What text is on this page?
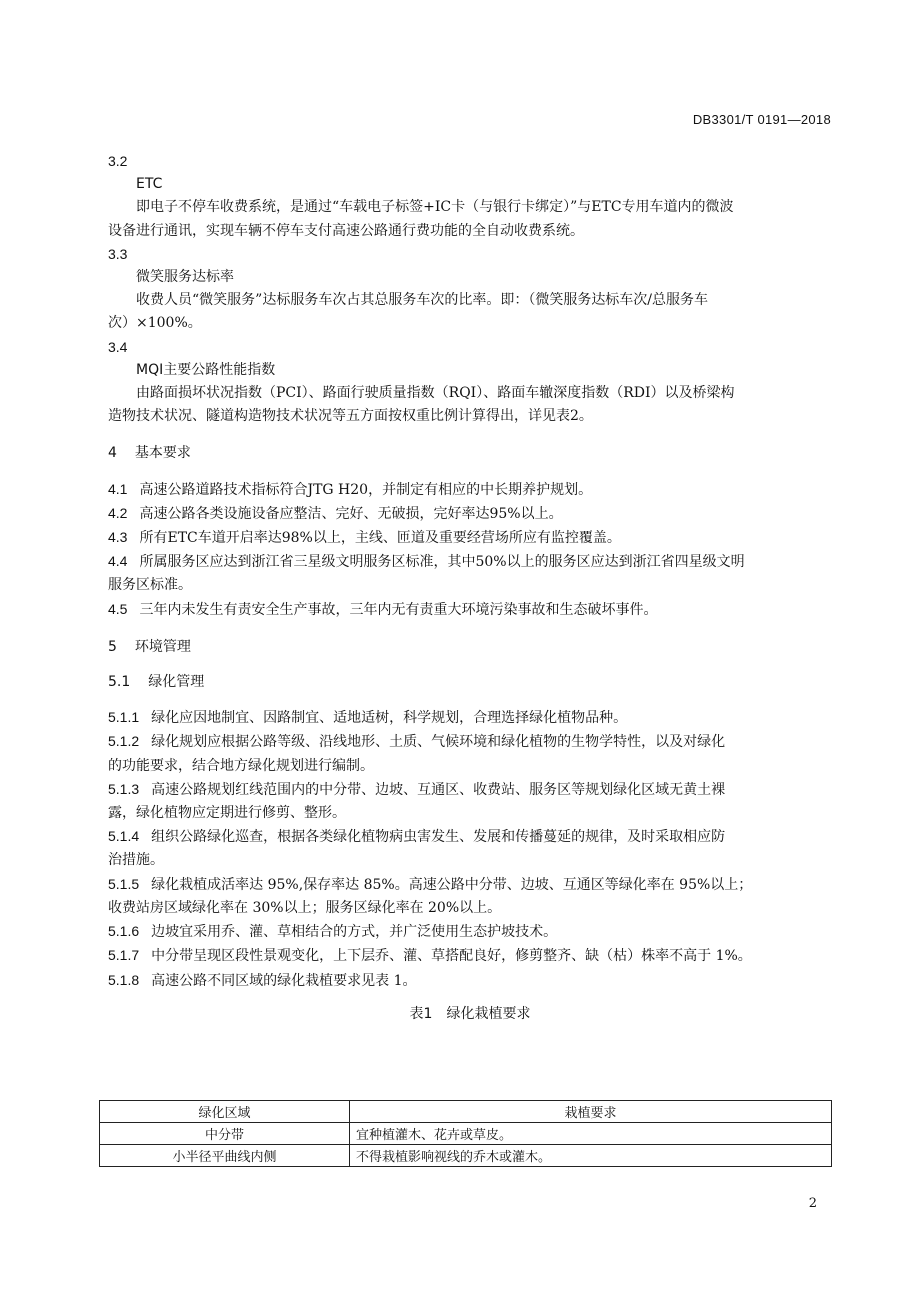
DB3301/T 0191—2018
3.2
ETC
即电子不停车收费系统，是通过“车载电子标签+IC卡（与银行卡绑定）”与ETC专用车道内的微波
设备进行通讯，实现车辆不停车支付高速公路通行费功能的全自动收费系统。
3.3
微笑服务达标率
收费人员“微笑服务”达标服务车次占其总服务车次的比率。即：（微笑服务达标车次/总服务车
次）×100%。
3.4
MQI主要公路性能指数
由路面损坏状况指数（PCI）、路面行驶质量指数（RQI）、路面车辙深度指数（RDI）以及桥梁构
造物技术状况、隧道构造物技术状况等五方面按权重比例计算得出，详见表2。
4 基本要求
4.1 高速公路道路技术指标符合JTG H20，并制定有相应的中长期养护规划。
4.2 高速公路各类设施设备应整洁、完好、无破损，完好率达95%以上。
4.3 所有ETC车道开启率达98%以上，主线、匝道及重要经营场所应有监控覆盖。
4.4 所属服务区应达到浙江省三星级文明服务区标准，其中50%以上的服务区应达到浙江省四星级文明
服务区标准。
4.5 三年内未发生有责安全生产事故，三年内无有责重大环境污染事故和生态破坏事件。
5 环境管理
5.1 绿化管理
5.1.1 绿化应因地制宜、因路制宜、适地适树，科学规划，合理选择绿化植物品种。
5.1.2 绿化规划应根据公路等级、沿线地形、土质、气候环境和绿化植物的生物学特性，以及对绿化
的功能要求，结合地方绿化规划进行编制。
5.1.3 高速公路规划红线范围内的中分带、边坡、互通区、收费站、服务区等规划绿化区域无黄土裸
露，绿化植物应定期进行修剪、整形。
5.1.4 组织公路绿化巡查，根据各类绿化植物病虫害发生、发展和传播蔓延的规律，及时采取相应防
治措施。
5.1.5 绿化栽植成活率达 95%,保存率达 85%。高速公路中分带、边坡、互通区等绿化率在 95%以上；
收费站房区域绿化率在 30%以上；服务区绿化率在 20%以上。
5.1.6 边坡宜采用乔、灌、草相结合的方式，并广泛使用生态护坡技术。
5.1.7 中分带呈现区段性景观变化，上下层乔、灌、草搭配良好，修剪整齐、缺（枯）株率不高于 1%。
5.1.8 高速公路不同区域的绿化栽植要求见表 1。
表1　绿化栽植要求
绿化区域	栽植要求
中分带	宜种植灌木、花卉或草皮。
小半径平曲线内侧	不得栽植影响视线的乔木或灌木。
2
